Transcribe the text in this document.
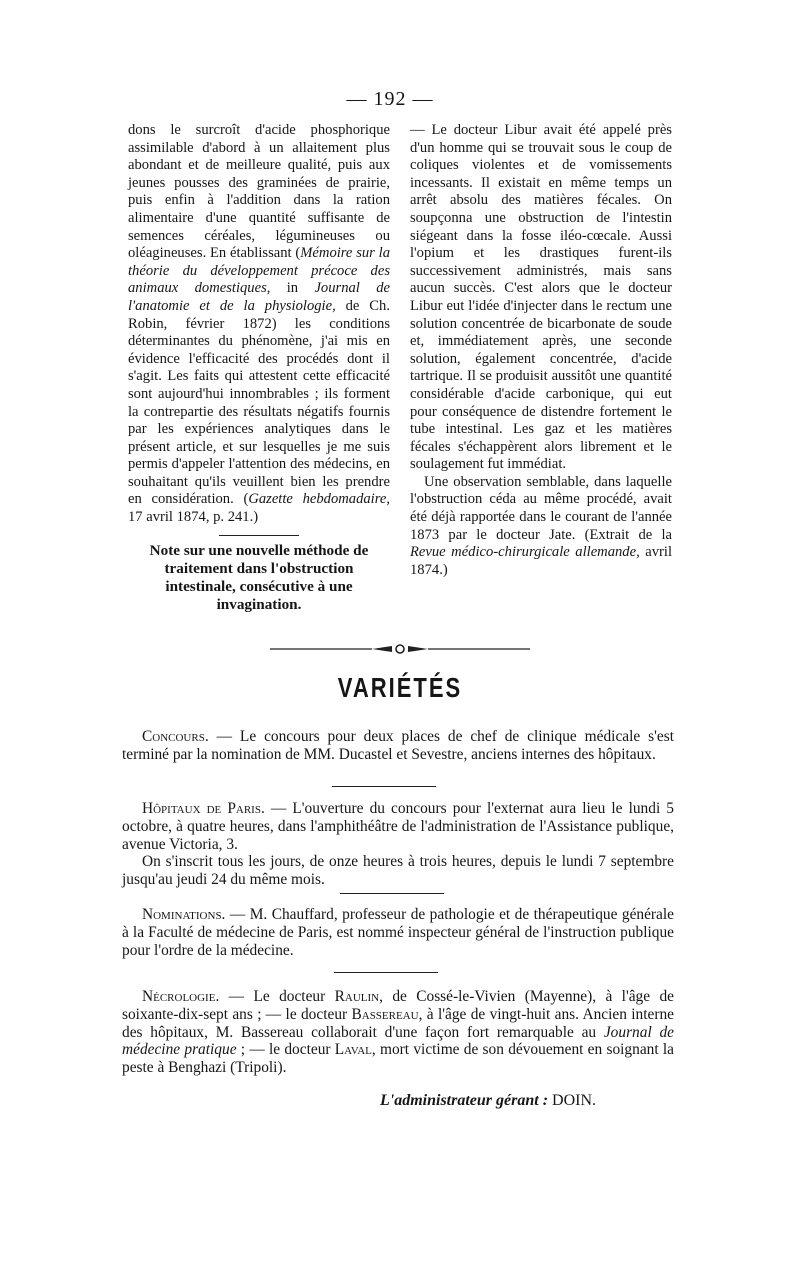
— 192 —

dons le surcroît d'acide phosphorique assimilable d'abord à un allaitement plus abondant et de meilleure qualité, puis aux jeunes pousses des graminées de prairie, puis enfin à l'addition dans la ration alimentaire d'une quantité suffisante de semences céréales, légumineuses ou oléagineuses. En établissant (Mémoire sur la théorie du développement précoce des animaux domestiques, in Journal de l'anatomie et de la physiologie, de Ch. Robin, février 1872) les conditions déterminantes du phénomène, j'ai mis en évidence l'efficacité des procédés dont il s'agit. Les faits qui attestent cette efficacité sont aujourd'hui innombrables ; ils forment la contrepartie des résultats négatifs fournis par les expériences analytiques dans le présent article, et sur lesquelles je me suis permis d'appeler l'attention des médecins, en souhaitant qu'ils veuillent bien les prendre en considération. (Gazette hebdomadaire, 17 avril 1874, p. 241.)

Note sur une nouvelle méthode de traitement dans l'obstruction intestinale, consécutive à une invagination.

— Le docteur Libur avait été appelé près d'un homme qui se trouvait sous le coup de coliques violentes et de vomissements incessants. Il existait en même temps un arrêt absolu des matières fécales. On soupçonna une obstruction de l'intestin siégeant dans la fosse iléo-cœcale. Aussi l'opium et les drastiques furent-ils successivement administrés, mais sans aucun succès. C'est alors que le docteur Libur eut l'idée d'injecter dans le rectum une solution concentrée de bicarbonate de soude et, immédiatement après, une seconde solution, également concentrée, d'acide tartrique. Il se produisit aussitôt une quantité considérable d'acide carbonique, qui eut pour conséquence de distendre fortement le tube intestinal. Les gaz et les matières fécales s'échappèrent alors librement et le soulagement fut immédiat.

Une observation semblable, dans laquelle l'obstruction céda au même procédé, avait été déjà rapportée dans le courant de l'année 1873 par le docteur Jate. (Extrait de la Revue médico-chirurgicale allemande, avril 1874.)

VARIÉTÉS

Concours. — Le concours pour deux places de chef de clinique médicale s'est terminé par la nomination de MM. Ducastel et Sevestre, anciens internes des hôpitaux.

Hôpitaux de Paris. — L'ouverture du concours pour l'externat aura lieu le lundi 5 octobre, à quatre heures, dans l'amphithéâtre de l'administration de l'Assistance publique, avenue Victoria, 3.

On s'inscrit tous les jours, de onze heures à trois heures, depuis le lundi 7 septembre jusqu'au jeudi 24 du même mois.

Nominations. — M. Chauffard, professeur de pathologie et de thérapeutique générale à la Faculté de médecine de Paris, est nommé inspecteur général de l'instruction publique pour l'ordre de la médecine.

Nécrologie. — Le docteur Raulin, de Cossé-le-Vivien (Mayenne), à l'âge de soixante-dix-sept ans ; — le docteur Bassereau, à l'âge de vingt-huit ans. Ancien interne des hôpitaux, M. Bassereau collaborait d'une façon fort remarquable au Journal de médecine pratique ; — le docteur Laval, mort victime de son dévouement en soignant la peste à Benghazi (Tripoli).

L'administrateur gérant : DOIN.
